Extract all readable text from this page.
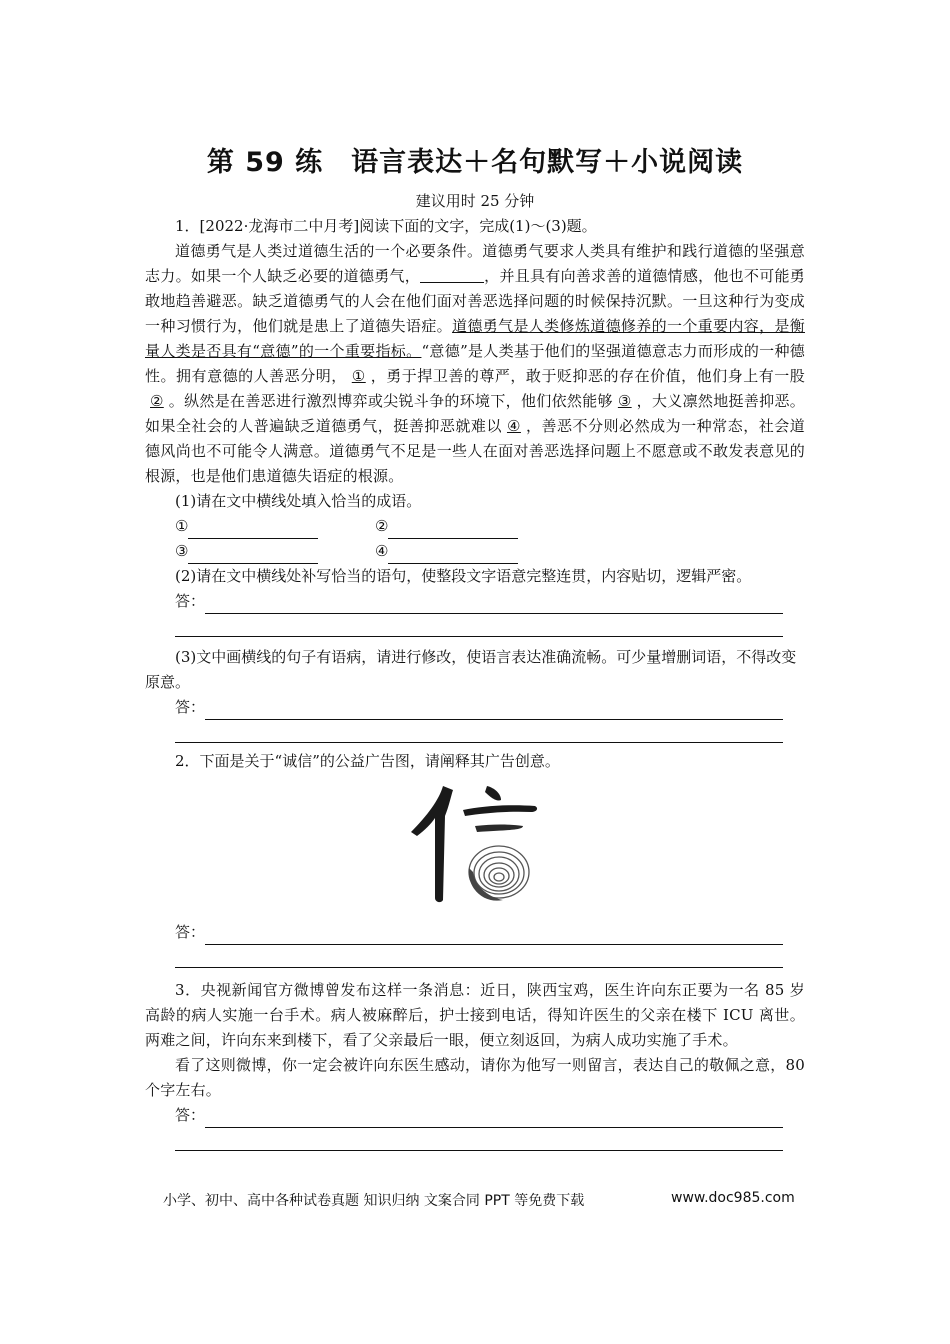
第 59 练　语言表达＋名句默写＋小说阅读
建议用时 25 分钟

1．[2022·龙海市二中月考]阅读下面的文字，完成(1)～(3)题。

道德勇气是人类过道德生活的一个必要条件。道德勇气要求人类具有维护和践行道德的坚强意志力。如果一个人缺乏必要的道德勇气，	，并且具有向善求善的道德情感，他也不可能勇敢地趋善避恶。缺乏道德勇气的人会在他们面对善恶选择问题的时候保持沉默。一旦这种行为变成一种习惯行为，他们就是患上了道德失语症。道德勇气是人类修炼道德修养的一个重要内容，是衡量人类是否具有“意德”的一个重要指标。“意德”是人类基于他们的坚强道德意志力而形成的一种德性。拥有意德的人善恶分明， ① ，勇于捍卫善的尊严，敢于贬抑恶的存在价值，他们身上有一股② 。纵然是在善恶进行激烈博弈或尖锐斗争的环境下，他们依然能够 ③ ，大义凛然地挺善抑恶。如果全社会的人普遍缺乏道德勇气，挺善抑恶就难以 ④ ，善恶不分则必然成为一种常态，社会道德风尚也不可能令人满意。道德勇气不足是一些人在面对善恶选择问题上不愿意或不敢发表意见的根源，也是他们患道德失语症的根源。

(1)请在文中横线处填入恰当的成语。

①	②
③	④

(2)请在文中横线处补写恰当的语句，使整段文字语意完整连贯，内容贴切，逻辑严密。

答：

(3)文中画横线的句子有语病，请进行修改，使语言表达准确流畅。可少量增删词语，不得改变原意。

答：

2．下面是关于“诚信”的公益广告图，请阐释其广告创意。

答：

3．央视新闻官方微博曾发布这样一条消息：近日，陕西宝鸡，医生许向东正要为一名 85 岁高龄的病人实施一台手术。病人被麻醉后，护士接到电话，得知许医生的父亲在楼下 ICU 离世。两难之间，许向东来到楼下，看了父亲最后一眼，便立刻返回，为病人成功实施了手术。

看了这则微博，你一定会被许向东医生感动，请你为他写一则留言，表达自己的敬佩之意，80 个字左右。

答：
小学、初中、高中各种试卷真题 知识归纳 文案合同 PPT 等免费下载	www.doc985.com
